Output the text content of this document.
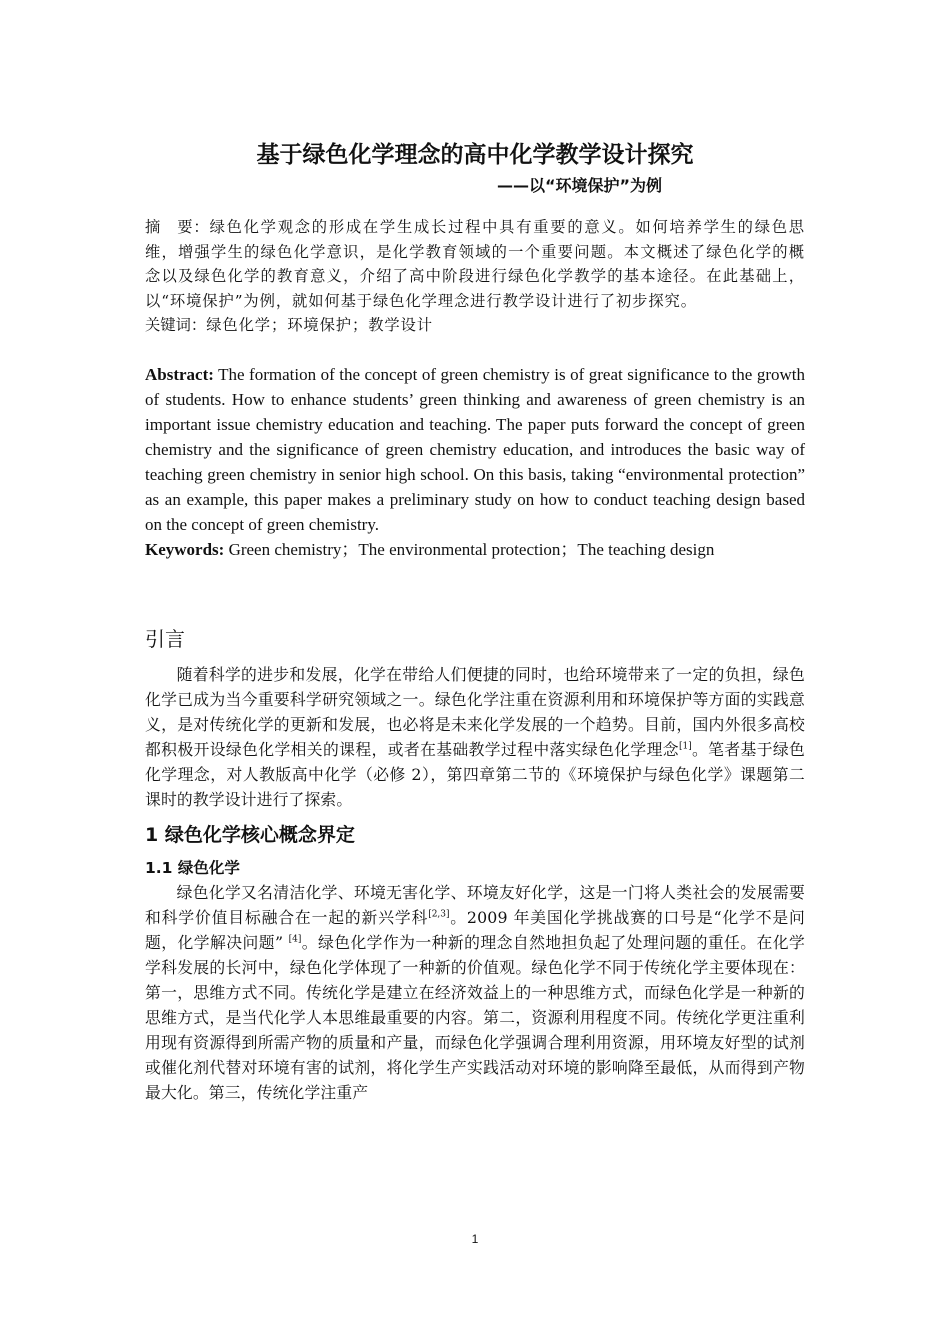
基于绿色化学理念的高中化学教学设计探究
——以“环境保护”为例
摘　要：绿色化学观念的形成在学生成长过程中具有重要的意义。如何培养学生的绿色思维，增强学生的绿色化学意识，是化学教育领域的一个重要问题。本文概述了绿色化学的概念以及绿色化学的教育意义，介绍了高中阶段进行绿色化学教学的基本途径。在此基础上，以“环境保护”为例，就如何基于绿色化学理念进行教学设计进行了初步探究。
关键词：绿色化学；环境保护；教学设计
Abstract: The formation of the concept of green chemistry is of great significance to the growth of students. How to enhance students’ green thinking and awareness of green chemistry is an important issue chemistry education and teaching. The paper puts forward the concept of green chemistry and the significance of green chemistry education, and introduces the basic way of teaching green chemistry in senior high school. On this basis, taking “environmental protection” as an example, this paper makes a preliminary study on how to conduct teaching design based on the concept of green chemistry.
Keywords: Green chemistry；The environmental protection；The teaching design
引言

随着科学的进步和发展，化学在带给人们便捷的同时，也给环境带来了一定的负担，绿色化学已成为当今重要科学研究领域之一。绿色化学注重在资源利用和环境保护等方面的实践意义，是对传统化学的更新和发展，也必将是未来化学发展的一个趋势。目前，国内外很多高校都积极开设绿色化学相关的课程，或者在基础教学过程中落实绿色化学理念[1]。笔者基于绿色化学理念，对人教版高中化学（必修 2），第四章第二节的《环境保护与绿色化学》课题第二课时的教学设计进行了探索。

1 绿色化学核心概念界定
1.1 绿色化学

绿色化学又名清洁化学、环境无害化学、环境友好化学，这是一门将人类社会的发展需要和科学价值目标融合在一起的新兴学科[2,3]。2009 年美国化学挑战赛的口号是“化学不是问题，化学解决问题” [4]。绿色化学作为一种新的理念自然地担负起了处理问题的重任。在化学学科发展的长河中，绿色化学体现了一种新的价值观。绿色化学不同于传统化学主要体现在：第一，思维方式不同。传统化学是建立在经济效益上的一种思维方式，而绿色化学是一种新的思维方式，是当代化学人本思维最重要的内容。第二，资源利用程度不同。传统化学更注重利用现有资源得到所需产物的质量和产量，而绿色化学强调合理利用资源，用环境友好型的试剂或催化剂代替对环境有害的试剂，将化学生产实践活动对环境的影响降至最低，从而得到产物最大化。第三，传统化学注重产

1
